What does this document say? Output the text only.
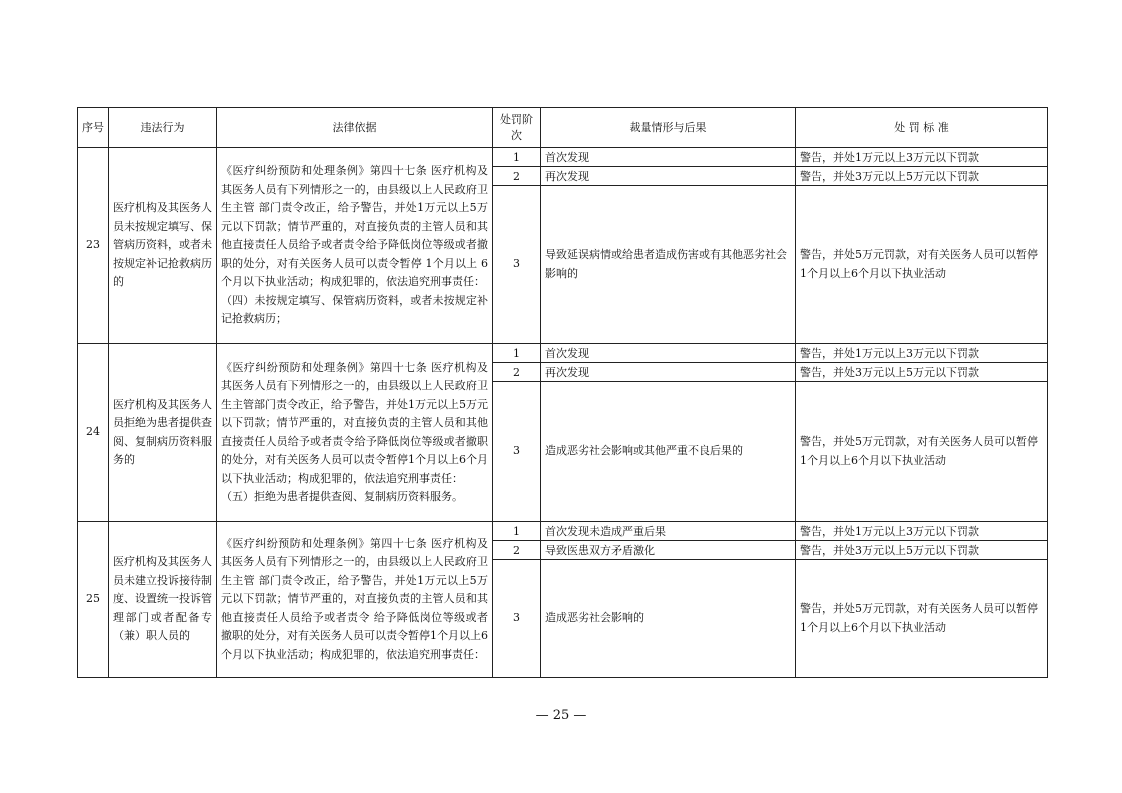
序号	违法行为	法律依据	处罚阶次	裁量情形与后果	处 罚 标 准
23	医疗机构及其医务人员未按规定填写、保管病历资料，或者未按规定补记抢救病历的	《医疗纠纷预防和处理条例》第四十七条 医疗机构及其医务人员有下列情形之一的，由县级以上人民政府卫生主管 部门责令改正，给予警告，并处1万元以上5万元以下罚款；情节严重的，对直接负责的主管人员和其他直接责任人员给予或者责令给予降低岗位等级或者撤职的处分，对有关医务人员可以责令暂停 1个月以上 6个月以下执业活动；构成犯罪的，依法追究刑事责任：
（四）未按规定填写、保管病历资料，或者未按规定补记抢救病历；	1	首次发现	警告，并处1万元以上3万元以下罚款
			2	再次发现	警告，并处3万元以上5万元以下罚款
			3	导致延误病情或给患者造成伤害或有其他恶劣社会影响的	警告，并处5万元罚款，对有关医务人员可以暂停1个月以上6个月以下执业活动
24	医疗机构及其医务人员拒绝为患者提供查阅、复制病历资料服务的	《医疗纠纷预防和处理条例》第四十七条 医疗机构及其医务人员有下列情形之一的，由县级以上人民政府卫生主管部门责令改正，给予警告，并处1万元以上5万元以下罚款；情节严重的，对直接负责的主管人员和其他直接责任人员给予或者责令给予降低岗位等级或者撤职的处分，对有关医务人员可以责令暂停1个月以上6个月以下执业活动；构成犯罪的，依法追究刑事责任：
（五）拒绝为患者提供查阅、复制病历资料服务。	1	首次发现	警告，并处1万元以上3万元以下罚款
			2	再次发现	警告，并处3万元以上5万元以下罚款
			3	造成恶劣社会影响或其他严重不良后果的	警告，并处5万元罚款，对有关医务人员可以暂停1个月以上6个月以下执业活动
25	医疗机构及其医务人员未建立投诉接待制度、设置统一投诉管理部门或者配备专（兼）职人员的	《医疗纠纷预防和处理条例》第四十七条 医疗机构及其医务人员有下列情形之一的，由县级以上人民政府卫生主管 部门责令改正，给予警告，并处1万元以上5万元以下罚款；情节严重的，对直接负责的主管人员和其他直接责任人员给予或者责令 给予降低岗位等级或者撤职的处分，对有关医务人员可以责令暂停1个月以上6个月以下执业活动；构成犯罪的，依法追究刑事责任：	1	首次发现未造成严重后果	警告，并处1万元以上3万元以下罚款
			2	导致医患双方矛盾激化	警告，并处3万元以上5万元以下罚款
			3	造成恶劣社会影响的	警告，并处5万元罚款，对有关医务人员可以暂停1个月以上6个月以下执业活动
— 25 —
